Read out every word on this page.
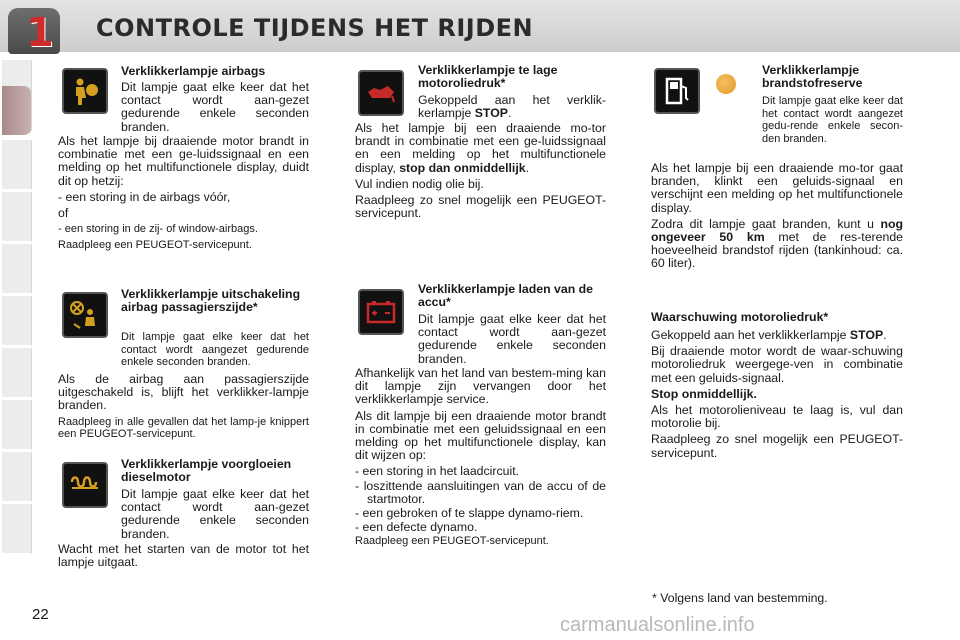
1 CONTROLE TIJDENS HET RIJDEN
Verklikkerlampje airbags
Dit lampje gaat elke keer dat het contact wordt aan-gezet gedurende enkele seconden branden.

Als het lampje bij draaiende motor brandt in combinatie met een ge-luidssignaal en een melding op het multifunctionele display, duidt dit op hetzij:

- een storing in de airbags vóór,

of

- een storing in de zij- of window-airbags.

Raadpleeg een PEUGEOT-servicepunt.

Verklikkerlampje uitschakeling airbag passagierszijde*
Dit lampje gaat elke keer dat het contact wordt aangezet gedurende enkele seconden branden.

Als de airbag aan passagierszijde uitgeschakeld is, blijft het verklikker-lampje branden.

Raadpleeg in alle gevallen dat het lamp-je knippert een PEUGEOT-servicepunt.

Verklikkerlampje voorgloeien dieselmotor
Dit lampje gaat elke keer dat het contact wordt aan-gezet gedurende enkele seconden branden.
Wacht met het starten van de motor tot het lampje uitgaat.
Verklikkerlampje te lage motoroliedruk*
Gekoppeld aan het verklik-kerlampje STOP.

Als het lampje bij een draaiende mo-tor brandt in combinatie met een ge-luidssignaal en een melding op het multifunctionele display, stop dan onmiddellijk.

Vul indien nodig olie bij.

Raadpleeg zo snel mogelijk een PEUGEOT-servicepunt.

Verklikkerlampje laden van de accu*
Dit lampje gaat elke keer dat het contact wordt aan-gezet gedurende enkele seconden branden.

Afhankelijk van het land van bestem-ming kan dit lampje zijn vervangen door het verklikkerlampje service.

Als dit lampje bij een draaiende motor brandt in combinatie met een geluidssignaal en een melding op het multifunctionele display, kan dit wijzen op:

- een storing in het laadcircuit.
- loszittende aansluitingen van de accu of de startmotor.
- een gebroken of te slappe dynamo-riem.
- een defecte dynamo.

Raadpleeg een PEUGEOT-servicepunt.

Verklikkerlampje brandstofreserve
Dit lampje gaat elke keer dat het contact wordt aangezet gedu-rende enkele secon-den branden.

Als het lampje bij een draaiende mo-tor gaat branden, klinkt een geluids-signaal en verschijnt een melding op het multifunctionele display.

Zodra dit lampje gaat branden, kunt u nog ongeveer 50 km met de res-terende hoeveelheid brandstof rijden (tankinhoud: ca. 60 liter).

Waarschuwing motoroliedruk*

Gekoppeld aan het verklikkerlampje STOP.

Bij draaiende motor wordt de waar-schuwing motoroliedruk weergege-ven in combinatie met een geluids-signaal.

Stop onmiddellijk.

Als het motorolieniveau te laag is, vul dan motorolie bij.

Raadpleeg zo snel mogelijk een PEUGEOT-servicepunt.

* Volgens land van bestemming.
22	carmanualsonline.info
